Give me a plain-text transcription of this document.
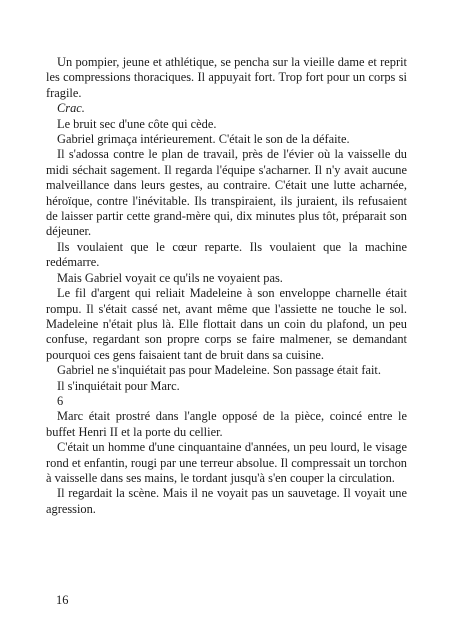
Un pompier, jeune et athlétique, se pencha sur la vieille dame et reprit les compressions thoraciques. Il appuyait fort. Trop fort pour un corps si fragile.

Crac.

Le bruit sec d'une côte qui cède.

Gabriel grimaça intérieurement. C'était le son de la défaite.

Il s'adossa contre le plan de travail, près de l'évier où la vaisselle du midi séchait sagement. Il regarda l'équipe s'acharner. Il n'y avait aucune malveillance dans leurs gestes, au contraire. C'était une lutte acharnée, héroïque, contre l'inévitable. Ils transpiraient, ils juraient, ils refusaient de laisser partir cette grand-mère qui, dix minutes plus tôt, préparait son déjeuner.

Ils voulaient que le cœur reparte. Ils voulaient que la machine redémarre.

Mais Gabriel voyait ce qu'ils ne voyaient pas.

Le fil d'argent qui reliait Madeleine à son enveloppe charnelle était rompu. Il s'était cassé net, avant même que l'assiette ne touche le sol. Madeleine n'était plus là. Elle flottait dans un coin du plafond, un peu confuse, regardant son propre corps se faire malmener, se demandant pourquoi ces gens faisaient tant de bruit dans sa cuisine.

Gabriel ne s'inquiétait pas pour Madeleine. Son passage était fait.

Il s'inquiétait pour Marc.

6

Marc était prostré dans l'angle opposé de la pièce, coincé entre le buffet Henri II et la porte du cellier.

C'était un homme d'une cinquantaine d'années, un peu lourd, le visage rond et enfantin, rougi par une terreur absolue. Il compressait un torchon à vaisselle dans ses mains, le tordant jusqu'à s'en couper la circulation.

Il regardait la scène. Mais il ne voyait pas un sauvetage. Il voyait une agression.

16
